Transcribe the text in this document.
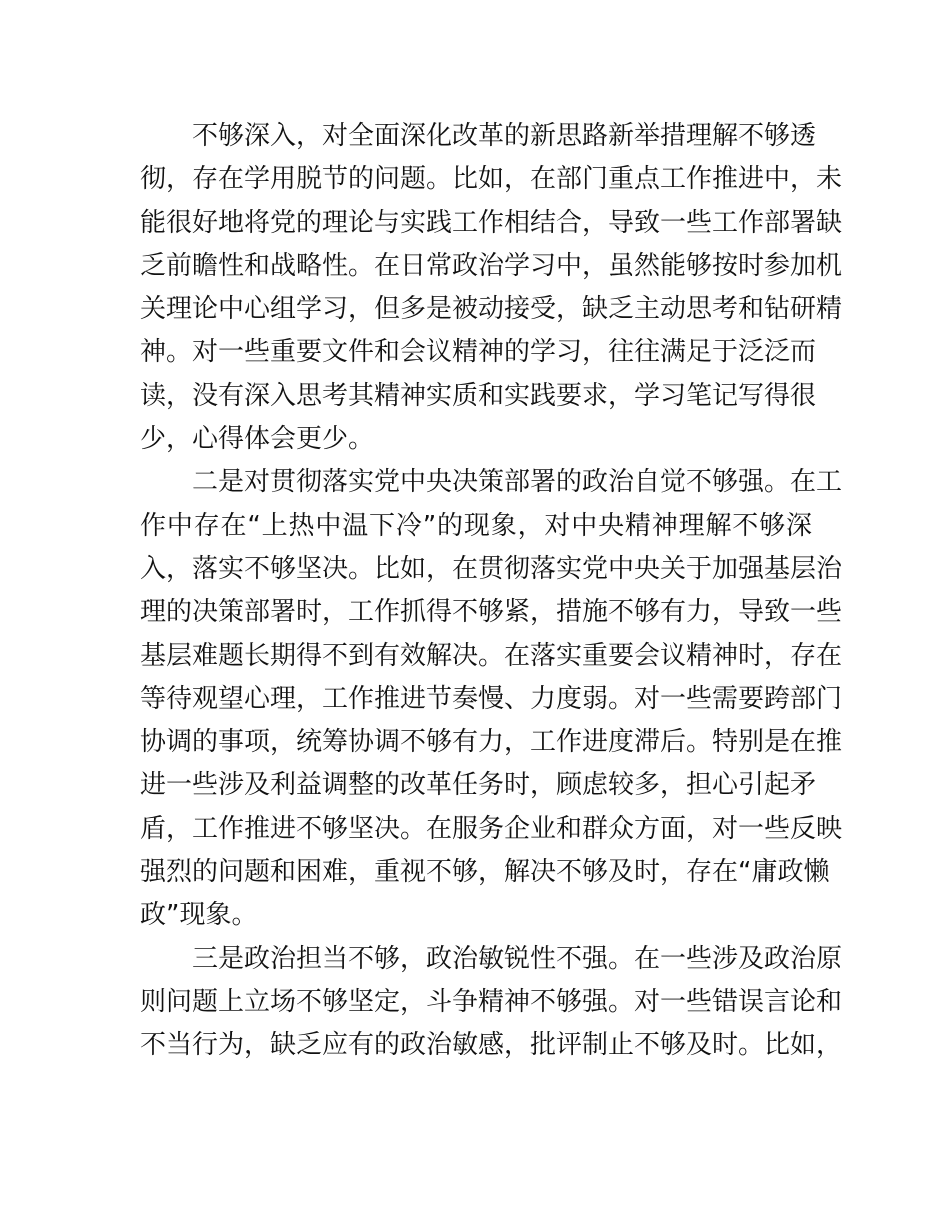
不够深入，对全面深化改革的新思路新举措理解不够透
彻，存在学用脱节的问题。比如，在部门重点工作推进中，未
能很好地将党的理论与实践工作相结合，导致一些工作部署缺
乏前瞻性和战略性。在日常政治学习中，虽然能够按时参加机
关理论中心组学习，但多是被动接受，缺乏主动思考和钻研精
神。对一些重要文件和会议精神的学习，往往满足于泛泛而
读，没有深入思考其精神实质和实践要求，学习笔记写得很
少，心得体会更少。
二是对贯彻落实党中央决策部署的政治自觉不够强。在工
作中存在“上热中温下冷”的现象，对中央精神理解不够深
入，落实不够坚决。比如，在贯彻落实党中央关于加强基层治
理的决策部署时，工作抓得不够紧，措施不够有力，导致一些
基层难题长期得不到有效解决。在落实重要会议精神时，存在
等待观望心理，工作推进节奏慢、力度弱。对一些需要跨部门
协调的事项，统筹协调不够有力，工作进度滞后。特别是在推
进一些涉及利益调整的改革任务时，顾虑较多，担心引起矛
盾，工作推进不够坚决。在服务企业和群众方面，对一些反映
强烈的问题和困难，重视不够，解决不够及时，存在“庸政懒
政”现象。
三是政治担当不够，政治敏锐性不强。在一些涉及政治原
则问题上立场不够坚定，斗争精神不够强。对一些错误言论和
不当行为，缺乏应有的政治敏感，批评制止不够及时。比如，
